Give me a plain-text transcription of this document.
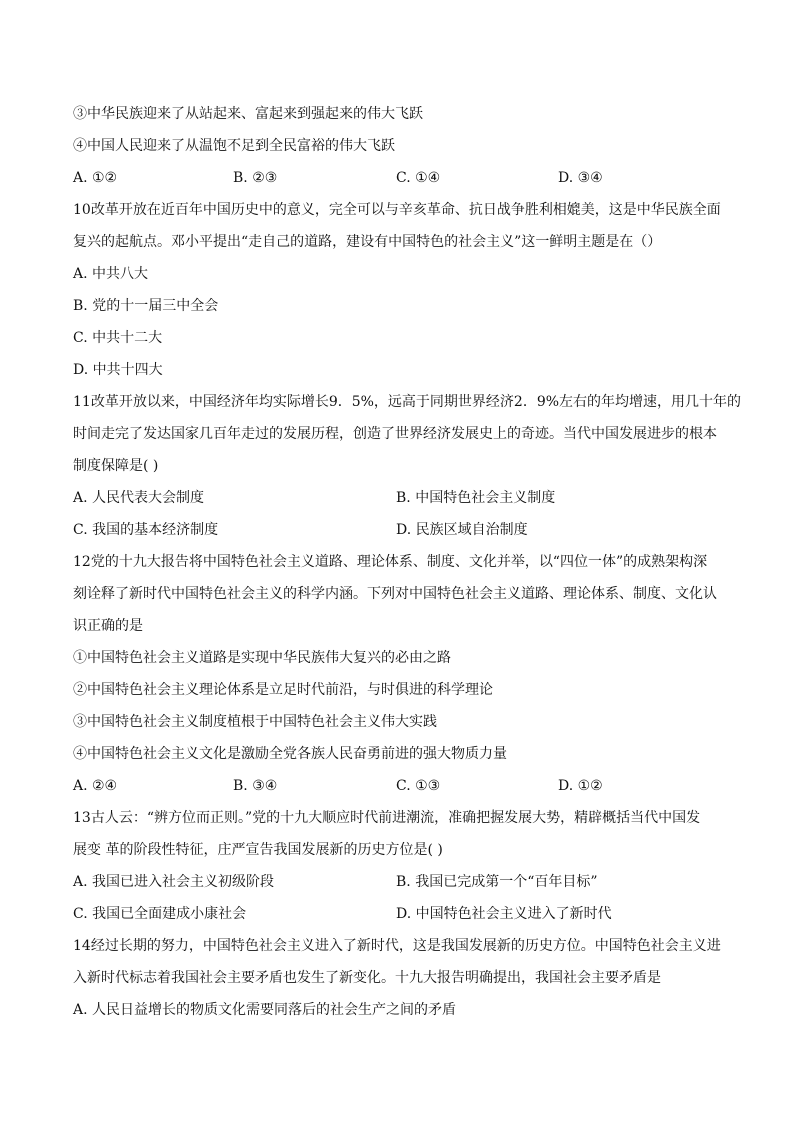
③中华民族迎来了从站起来、富起来到强起来的伟大飞跃
④中国人民迎来了从温饱不足到全民富裕的伟大飞跃
A. ①②	B. ②③	C. ①④	D. ③④
10改革开放在近百年中国历史中的意义，完全可以与辛亥革命、抗日战争胜利相媲美，这是中华民族全面
复兴的起航点。邓小平提出“走自己的道路，建设有中国特色的社会主义”这一鲜明主题是在（）
A. 中共八大
B. 党的十一届三中全会
C. 中共十二大
D. 中共十四大
11改革开放以来，中国经济年均实际增长9．5%，远高于同期世界经济2．9%左右的年均增速，用几十年的
时间走完了发达国家几百年走过的发展历程，创造了世界经济发展史上的奇迹。当代中国发展进步的根本
制度保障是( )
A. 人民代表大会制度	B. 中国特色社会主义制度
C. 我国的基本经济制度	D. 民族区域自治制度
12党的十九大报告将中国特色社会主义道路、理论体系、制度、文化并举，以“四位一体”的成熟架构深
刻诠释了新时代中国特色社会主义的科学内涵。下列对中国特色社会主义道路、理论体系、制度、文化认
识正确的是
①中国特色社会主义道路是实现中华民族伟大复兴的必由之路
②中国特色社会主义理论体系是立足时代前沿，与时俱进的科学理论
③中国特色社会主义制度植根于中国特色社会主义伟大实践
④中国特色社会主义文化是激励全党各族人民奋勇前进的强大物质力量
A. ②④	B. ③④	C. ①③	D. ①②
13古人云：“辨方位而正则。”党的十九大顺应时代前进潮流，准确把握发展大势，精辟概括当代中国发
展变 革的阶段性特征，庄严宣告我国发展新的历史方位是( )
A. 我国已进入社会主义初级阶段	B. 我国已完成第一个“百年目标”
C. 我国已全面建成小康社会	D. 中国特色社会主义进入了新时代
14经过长期的努力，中国特色社会主义进入了新时代，这是我国发展新的历史方位。中国特色社会主义进
入新时代标志着我国社会主要矛盾也发生了新变化。十九大报告明确提出，我国社会主要矛盾是
A. 人民日益增长的物质文化需要同落后的社会生产之间的矛盾
